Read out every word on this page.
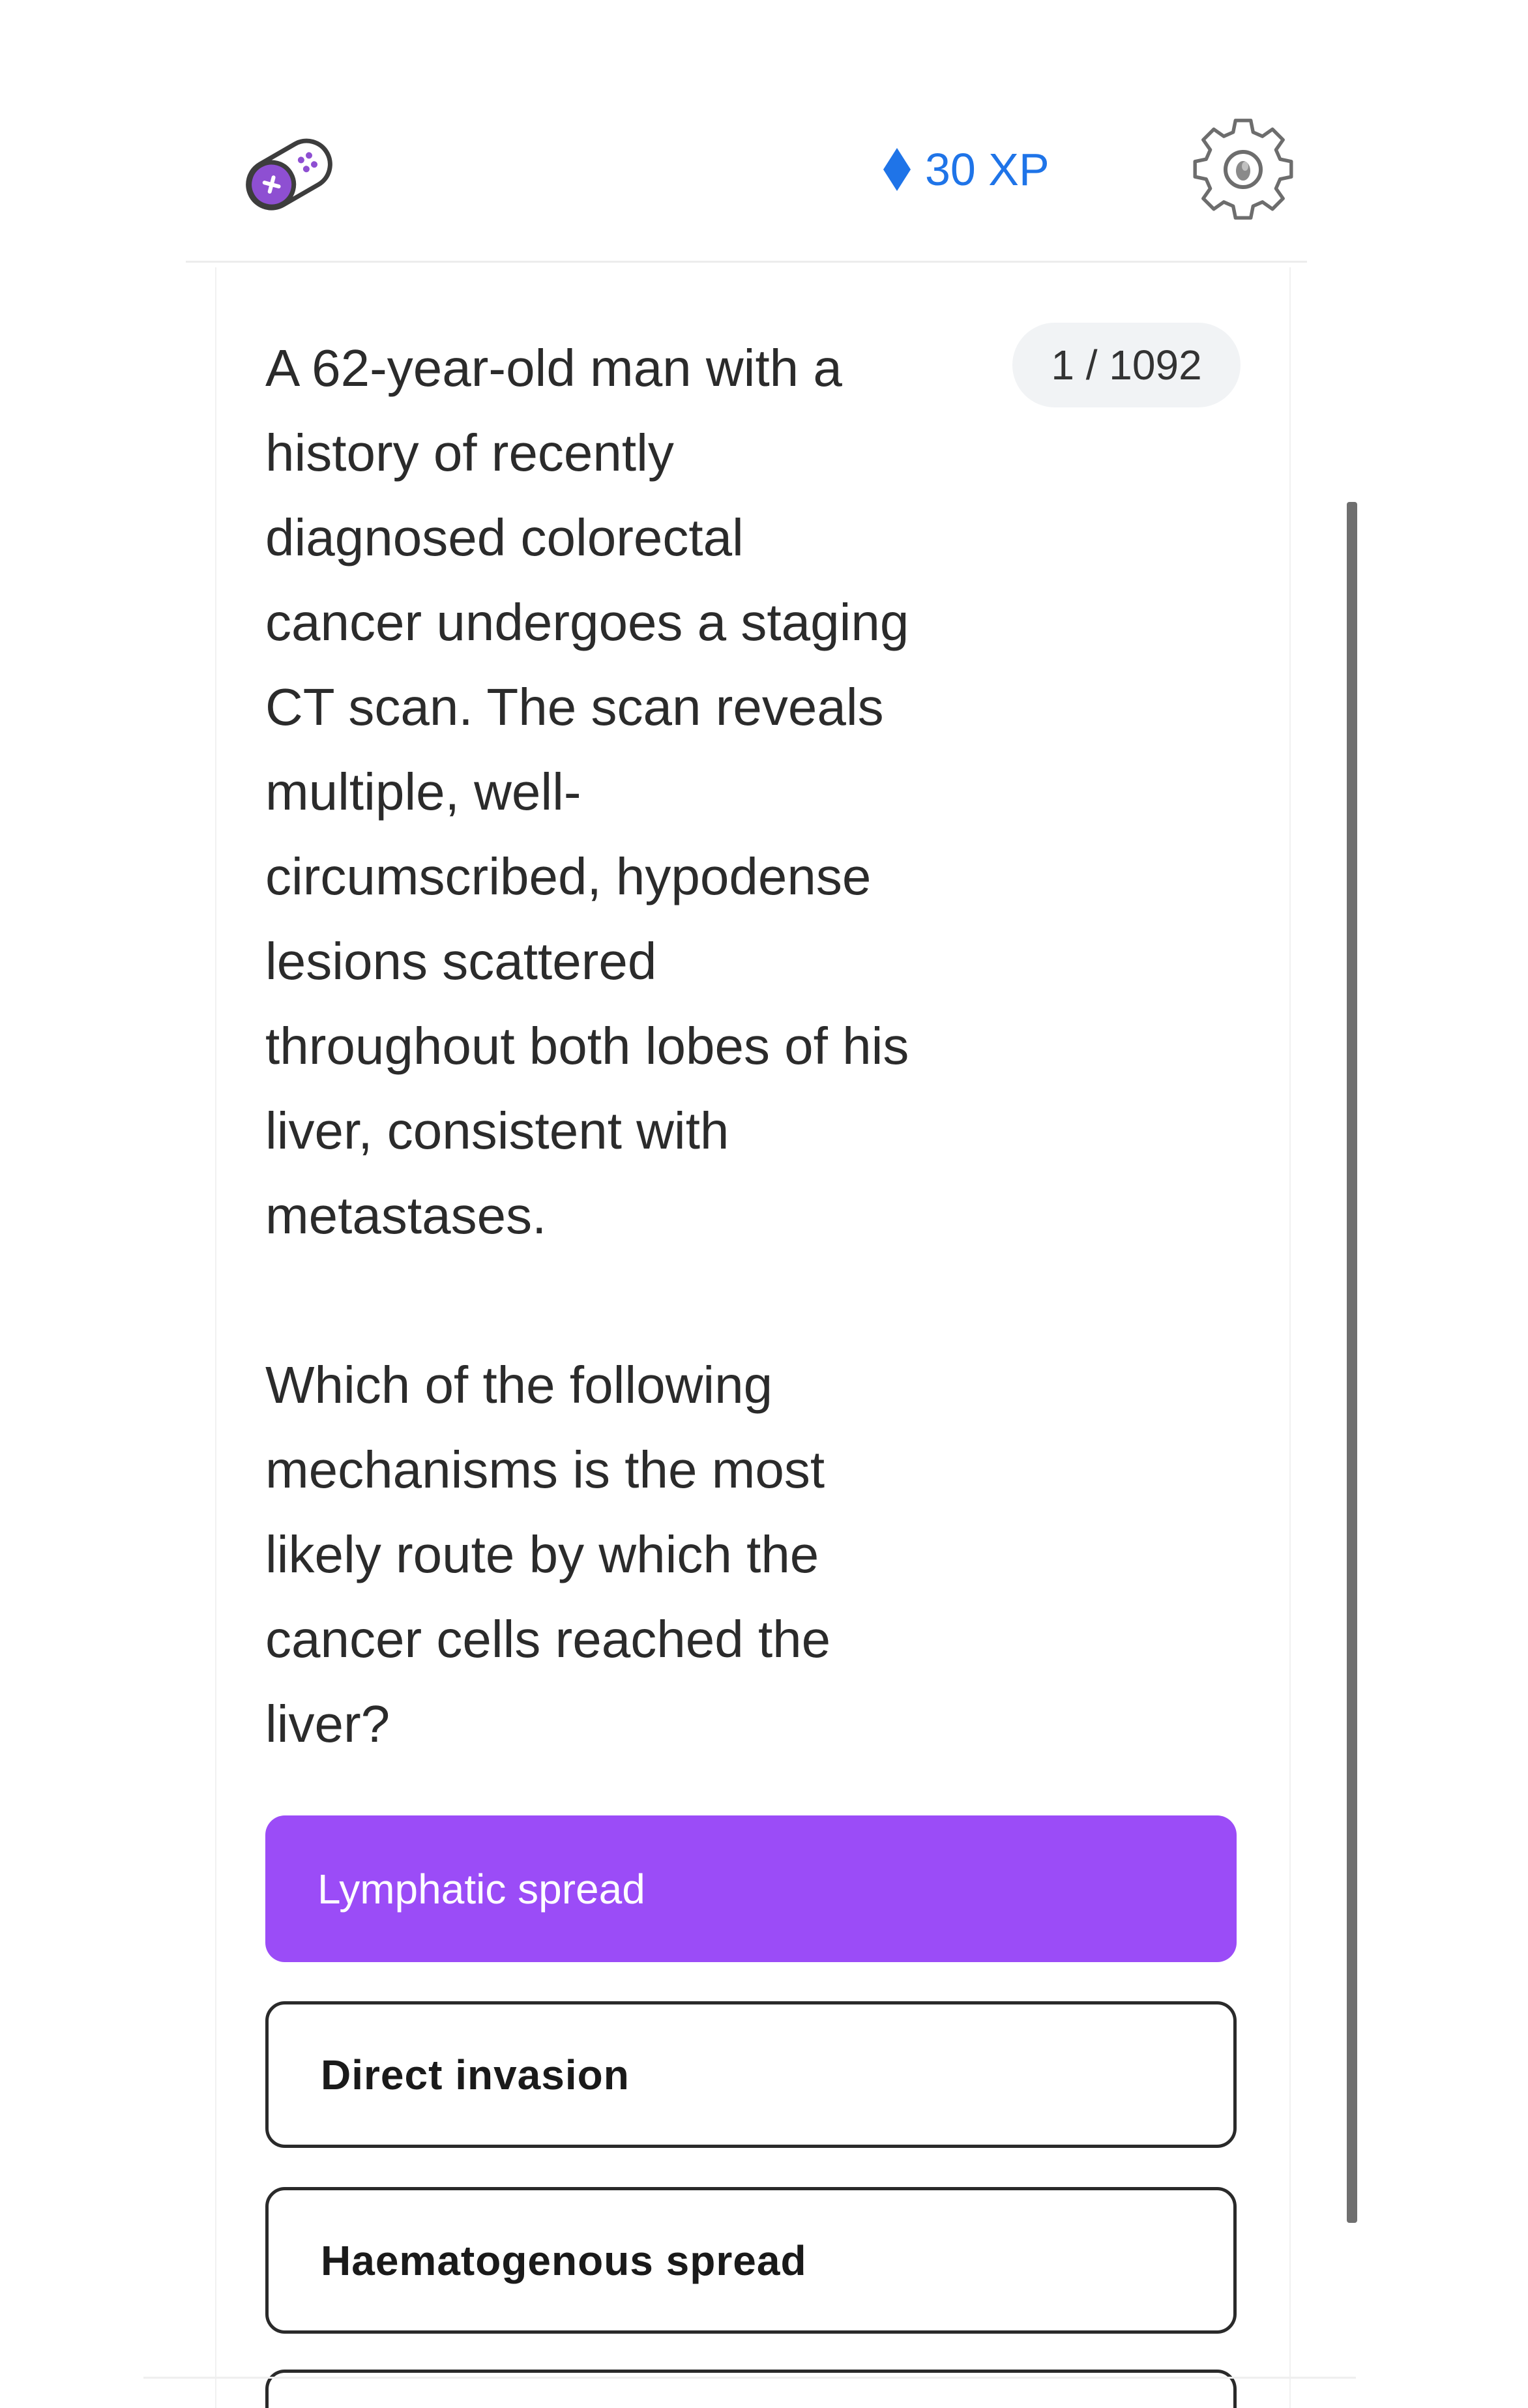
30 XP
1 / 1092

A 62-year-old man with a
history of recently
diagnosed colorectal
cancer undergoes a staging
CT scan. The scan reveals
multiple, well-
circumscribed, hypodense
lesions scattered
throughout both lobes of his
liver, consistent with
metastases.

Which of the following
mechanisms is the most
likely route by which the
cancer cells reached the
liver?

Lymphatic spread
Direct invasion
Haematogenous spread
